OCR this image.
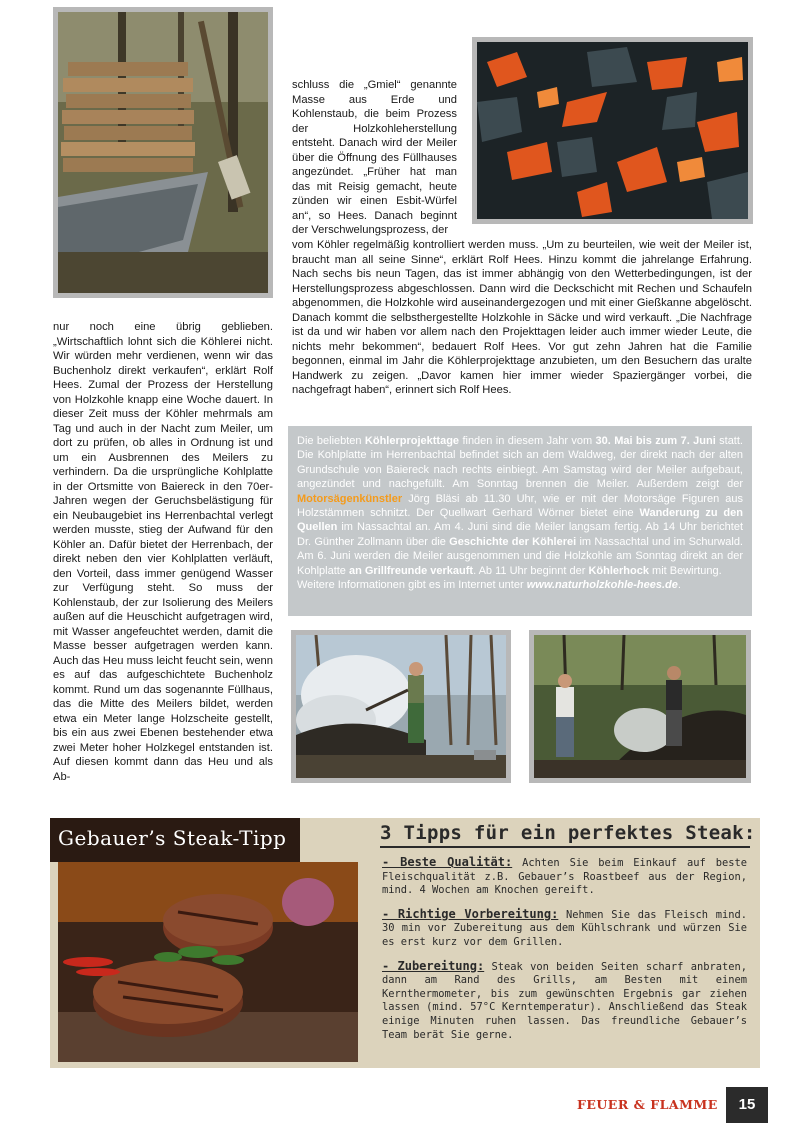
schluss die „Gmiel“ genannte Masse aus Erde und Kohlenstaub, die beim Prozess der Holzkohleherstellung entsteht. Danach wird der Meiler über die Öffnung des Füllhauses angezündet. „Früher hat man das mit Reisig gemacht, heute zünden wir einen Esbit-Würfel an“, so Hees. Danach beginnt der Verschwelungsprozess, der

vom Köhler regelmäßig kontrolliert werden muss. „Um zu beurteilen, wie weit der Meiler ist, braucht man all seine Sinne“, erklärt Rolf Hees. Hinzu kommt die jahrelange Erfahrung. Nach sechs bis neun Tagen, das ist immer abhängig von den Wetterbedingungen, ist der Herstellungsprozess abgeschlossen. Dann wird die Deckschicht mit Rechen und Schaufeln abgenommen, die Holzkohle wird auseinandergezogen und mit einer Gießkanne abgelöscht. Danach kommt die selbsthergestellte Holzkohle in Säcke und wird verkauft. „Die Nachfrage ist da und wir haben vor allem nach den Projekttagen leider auch immer wieder Leute, die nichts mehr bekommen“, bedauert Rolf Hees. Vor gut zehn Jahren hat die Familie begonnen, einmal im Jahr die Köhlerprojekttage anzubieten, um den Besuchern das uralte Handwerk zu zeigen. „Davor kamen hier immer wieder Spaziergänger vorbei, die nachgefragt haben“, erinnert sich Rolf Hees.

nur noch eine übrig geblieben. „Wirtschaftlich lohnt sich die Köhlerei nicht. Wir würden mehr verdienen, wenn wir das Buchenholz direkt verkaufen“, erklärt Rolf Hees. Zumal der Prozess der Herstellung von Holzkohle knapp eine Woche dauert. In dieser Zeit muss der Köhler mehrmals am Tag und auch in der Nacht zum Meiler, um dort zu prüfen, ob alles in Ordnung ist und um ein Ausbrennen des Meilers zu verhindern. Da die ursprüngliche Kohlplatte in der Ortsmitte von Baiereck in den 70er-Jahren wegen der Geruchsbelästigung für ein Neubaugebiet ins Herrenbachtal verlegt werden musste, stieg der Aufwand für den Köhler an. Dafür bietet der Herrenbach, der direkt neben den vier Kohlplatten verläuft, den Vorteil, dass immer genügend Wasser zur Verfügung steht. So muss der Kohlenstaub, der zur Isolierung des Meilers außen auf die Heuschicht aufgetragen wird, mit Wasser angefeuchtet werden, damit die Masse besser aufgetragen werden kann. Auch das Heu muss leicht feucht sein, wenn es auf das aufgeschichtete Buchenholz kommt. Rund um das sogenannte Füllhaus, das die Mitte des Meilers bildet, werden etwa ein Meter lange Holzscheite gestellt, bis ein aus zwei Ebenen bestehender etwa zwei Meter hoher Holzkegel entstanden ist. Auf diesen kommt dann das Heu und als Ab-

Die beliebten Köhlerprojekttage finden in diesem Jahr vom 30. Mai bis zum 7. Juni statt. Die Kohlplatte im Herrenbachtal befindet sich an dem Waldweg, der direkt nach der alten Grundschule von Baiereck nach rechts einbiegt. Am Samstag wird der Meiler aufgebaut, angezündet und nachgefüllt. Am Sonntag brennen die Meiler. Außerdem zeigt der Motorsägenkünstler Jörg Bläsi ab 11.30 Uhr, wie er mit der Motorsäge Figuren aus Holzstämmen schnitzt. Der Quellwart Gerhard Wörner bietet eine Wanderung zu den Quellen im Nassachtal an. Am 4. Juni sind die Meiler langsam fertig. Ab 14 Uhr berichtet Dr. Günther Zollmann über die Geschichte der Köhlerei im Nassachtal und im Schurwald. Am 6. Juni werden die Meiler ausgenommen und die Holzkohle am Sonntag direkt an der Kohlplatte an Grillfreunde verkauft. Ab 11 Uhr beginnt der Köhlerhock mit Bewirtung.
Weitere Informationen gibt es im Internet unter www.naturholzkohle-hees.de.
Gebauer’s Steak-Tipp	3 Tipps für ein perfektes Steak:
- Beste Qualität: Achten Sie beim Einkauf auf beste Fleischqualität z.B. Gebauer’s Roastbeef aus der Region, mind. 4 Wochen am Knochen gereift.
- Richtige Vorbereitung: Nehmen Sie das Fleisch mind. 30 min vor Zubereitung aus dem Kühlschrank und würzen Sie es erst kurz vor dem Grillen.
- Zubereitung: Steak von beiden Seiten scharf anbraten, dann am Rand des Grills, am Besten mit einem Kernthermometer, bis zum gewünschten Ergebnis gar ziehen lassen (mind. 57°C Kerntemperatur). Anschließend das Steak einige Minuten ruhen lassen. Das freundliche Gebauer’s Team berät Sie gerne.
FEUER & FLAMME	15
